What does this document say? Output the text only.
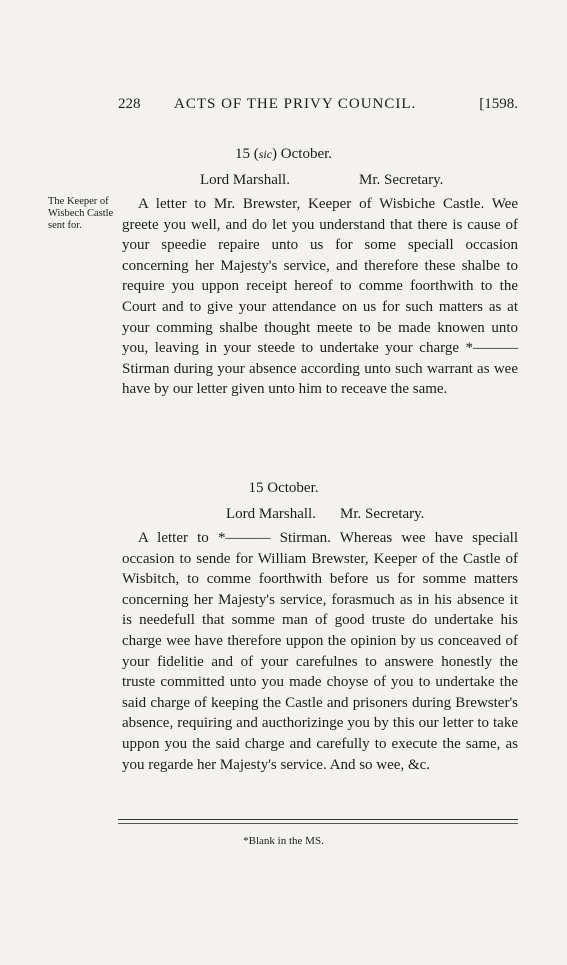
228 ACTS OF THE PRIVY COUNCIL.	[1598.
15 (sic) October.
Lord Marshall.	Mr. Secretary.
The Keeper of Wisbech Castle sent for.

A letter to Mr. Brewster, Keeper of Wisbiche Castle. Wee greete you well, and do let you understand that there is cause of your speedie repaire unto us for some speciall occasion concerning her Majesty's service, and therefore these shalbe to require you uppon receipt hereof to comme foorthwith to the Court and to give your attendance on us for such matters as at your comming shalbe thought meete to be made knowen unto you, leaving in your steede to undertake your charge *——— Stirman during your absence according unto such warrant as wee have by our letter given unto him to receave the same.

15 October.
Lord Marshall. Mr. Secretary.

A letter to *——— Stirman. Whereas wee have speciall occasion to sende for William Brewster, Keeper of the Castle of Wisbitch, to comme foorthwith before us for somme matters concerning her Majesty's service, forasmuch as in his absence it is needefull that somme man of good truste do undertake his charge wee have therefore uppon the opinion by us conceaved of your fidelitie and of your carefulnes to answere honestly the truste committed unto you made choyse of you to undertake the said charge of keeping the Castle and prisoners during Brewster's absence, requiring and aucthorizinge you by this our letter to take uppon you the said charge and carefully to execute the same, as you regarde her Majesty's service. And so wee, &c.

*Blank in the MS.
